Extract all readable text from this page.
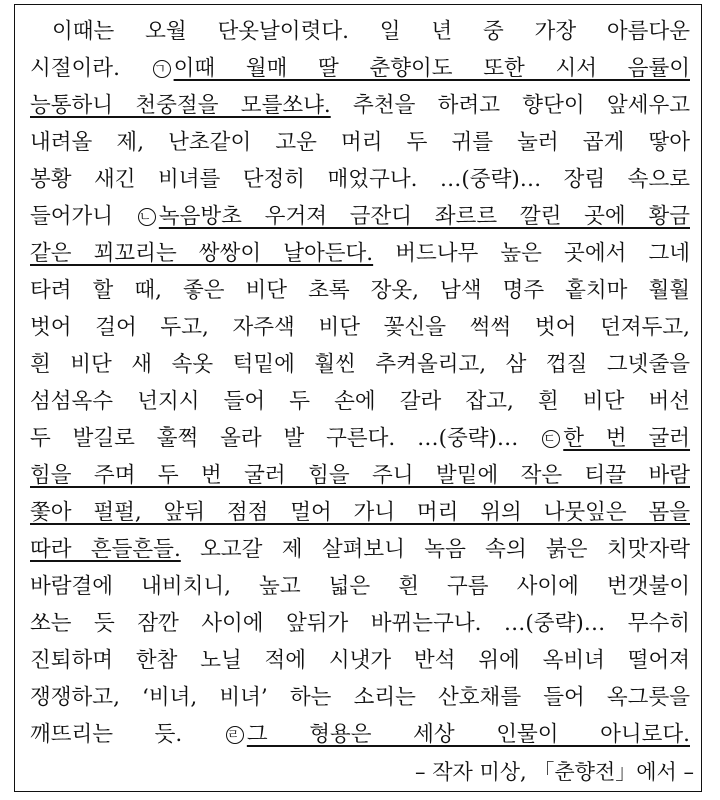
이때는 오월 단옷날이렷다. 일 년 중 가장 아름다운
시절이라. ㄱ 이때 월매 딸 춘향이도 또한 시서 음률이
능통하니 천중절을 모를쏘냐. 추천을 하려고 향단이 앞세우고
내려올 제, 난초같이 고운 머리 두 귀를 눌러 곱게 땋아
봉황 새긴 비녀를 단정히 매었구나. …(중략)… 장림 속으로
들어가니 ㄴ 녹음방초 우거져 금잔디 좌르르 깔린 곳에 황금
같은 꾀꼬리는 쌍쌍이 날아든다. 버드나무 높은 곳에서 그네
타려 할 때, 좋은 비단 초록 장옷, 남색 명주 홑치마 훨훨
벗어 걸어 두고, 자주색 비단 꽃신을 썩썩 벗어 던져두고,
흰 비단 새 속옷 턱밑에 훨씬 추켜올리고, 삼 껍질 그넷줄을
섬섬옥수 넌지시 들어 두 손에 갈라 잡고, 흰 비단 버선
두 발길로 훌쩍 올라 발 구른다. …(중략)… ㄷ 한 번 굴러
힘을 주며 두 번 굴러 힘을 주니 발밑에 작은 티끌 바람
쫓아 펄펄, 앞뒤 점점 멀어 가니 머리 위의 나뭇잎은 몸을
따라 흔들흔들. 오고갈 제 살펴보니 녹음 속의 붉은 치맛자락
바람결에 내비치니, 높고 넓은 흰 구름 사이에 번갯불이
쏘는 듯 잠깐 사이에 앞뒤가 바뀌는구나. …(중략)… 무수히
진퇴하며 한참 노닐 적에 시냇가 반석 위에 옥비녀 떨어져
쟁쟁하고, ‘비녀, 비녀’ 하는 소리는 산호채를 들어 옥그릇을
깨뜨리는 듯. ㄹ 그 형용은 세상 인물이 아니로다.
– 작자 미상, 「춘향전」에서 –
